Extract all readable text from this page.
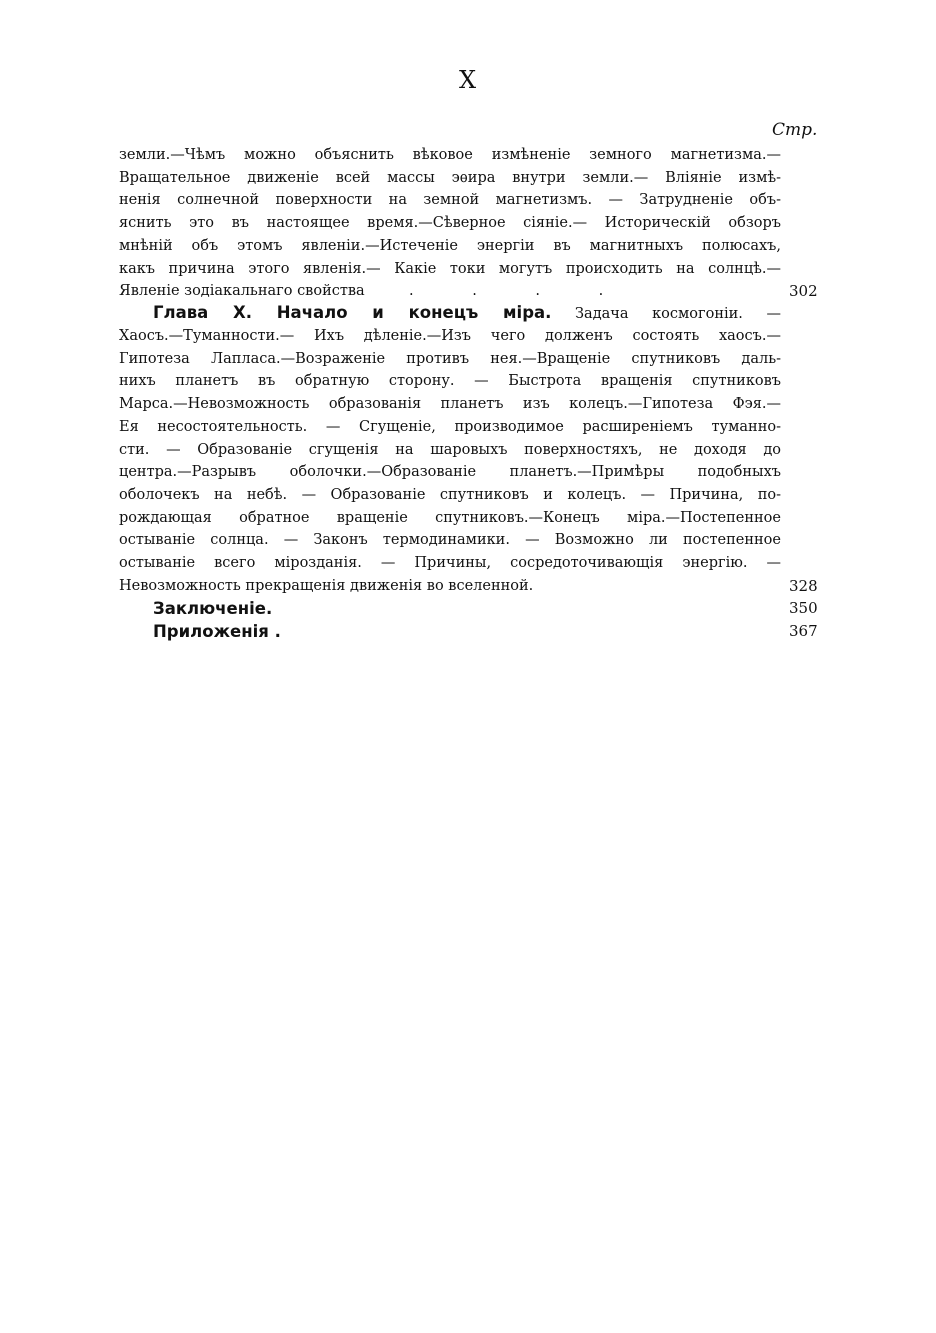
X
Стр.
земли.—Чѣмъ можно объяснить вѣковое измѣненіе земного магнетизма.—
Вращательное движеніе всей массы эѳира внутри земли.— Вліяніе измѣ-
ненія солнечной поверхности на земной магнетизмъ. — Затрудненіе объ-
яснить это въ настоящее время.—Сѣверное сіяніе.— Историческій обзоръ
мнѣній объ этомъ явленіи.—Истеченіе энергіи въ магнитныхъ полюсахъ,
какъ причина этого явленія.— Какіе токи могутъ происходить на солнцѣ.—
Явленіе зодіакальнаго свойства	. . . .	302
Глава X. Начало и конецъ міра. Задача космогоніи. —
Хаосъ.—Туманности.— Ихъ дѣленіе.—Изъ чего долженъ состоять хаосъ.—
Гипотеза Лапласа.—Возраженіе противъ нея.—Вращеніе спутниковъ даль-
нихъ планетъ въ обратную сторону. — Быстрота вращенія спутниковъ
Марса.—Невозможность образованія планетъ изъ колецъ.—Гипотеза Фэя.—
Ея несостоятельность. — Сгущеніе, производимое расширеніемъ туманно-
сти. — Образованіе сгущенія на шаровыхъ поверхностяхъ, не доходя до
центра.—Разрывъ оболочки.—Образованіе планетъ.—Примѣры подобныхъ
оболочекъ на небѣ. — Образованіе спутниковъ и колецъ. — Причина, по-
рождающая обратное вращеніе спутниковъ.—Конецъ міра.—Постепенное
остываніе солнца. — Законъ термодинамики. — Возможно ли постепенное
остываніе всего мірозданія. — Причины, сосредоточивающія энергію. —
Невозможность прекращенія движенія во вселенной.	328
Заключеніе.	350
Приложенія .	367
